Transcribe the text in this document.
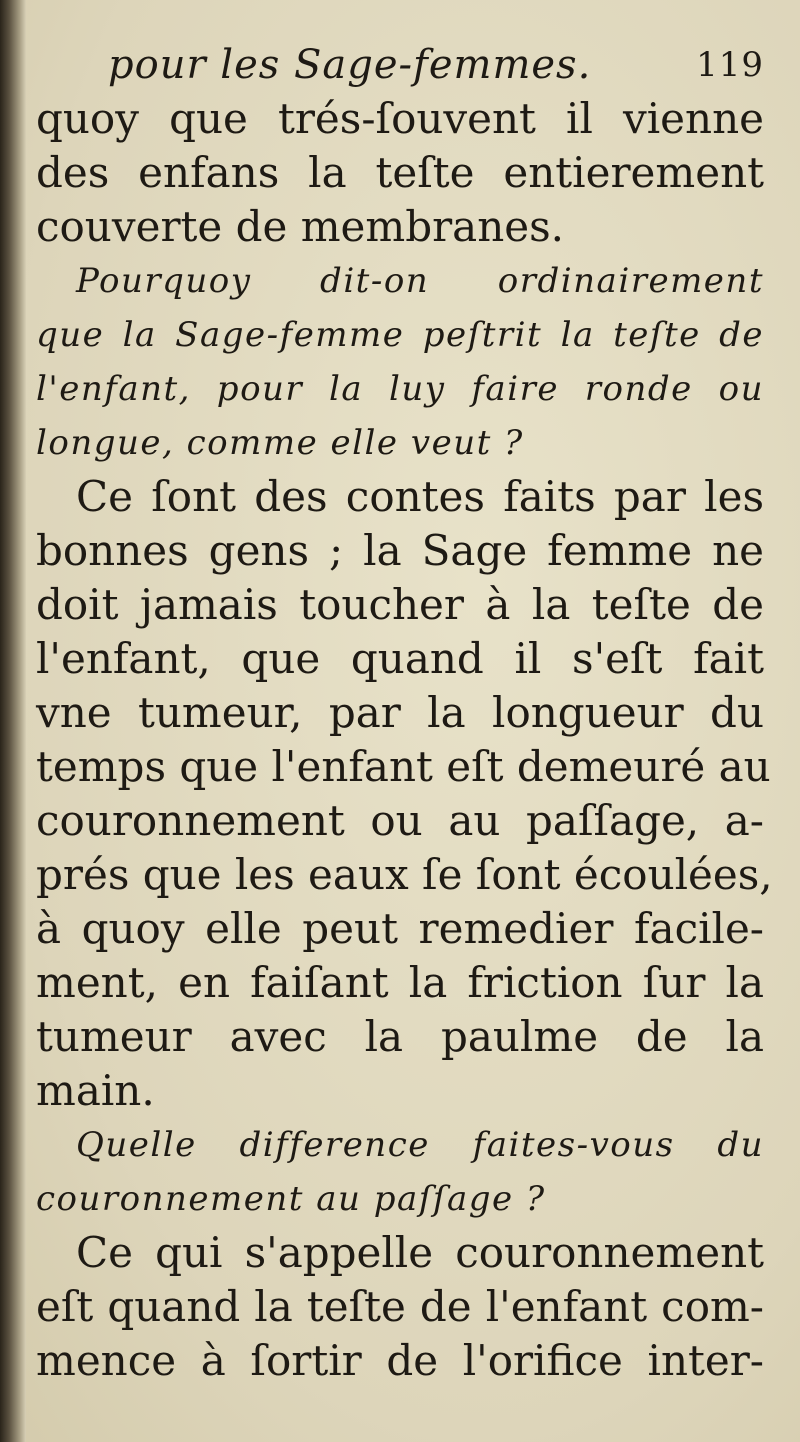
pour les Sage-femmes.	119
quoy que trés-ſouvent il vienne
des enfans la teſte entierement
couverte de membranes.
Pourquoy dit-on ordinairement
que la Sage-femme peſtrit la teſte de
l'enfant, pour la luy faire ronde ou
longue, comme elle veut ?
Ce ſont des contes faits par les
bonnes gens ; la Sage femme ne
doit jamais toucher à la teſte de
l'enfant, que quand il s'eſt fait
vne tumeur, par la longueur du
temps que l'enfant eſt demeuré au
couronnement ou au paſſage, a-
prés que les eaux ſe ſont écoulées,
à quoy elle peut remedier facile-
ment, en faiſant la friction ſur la
tumeur avec la paulme de la
main.
Quelle difference faites-vous du
couronnement au paſſage ?
Ce qui s'appelle couronnement
eſt quand la teſte de l'enfant com-
mence à ſortir de l'orifice inter-
